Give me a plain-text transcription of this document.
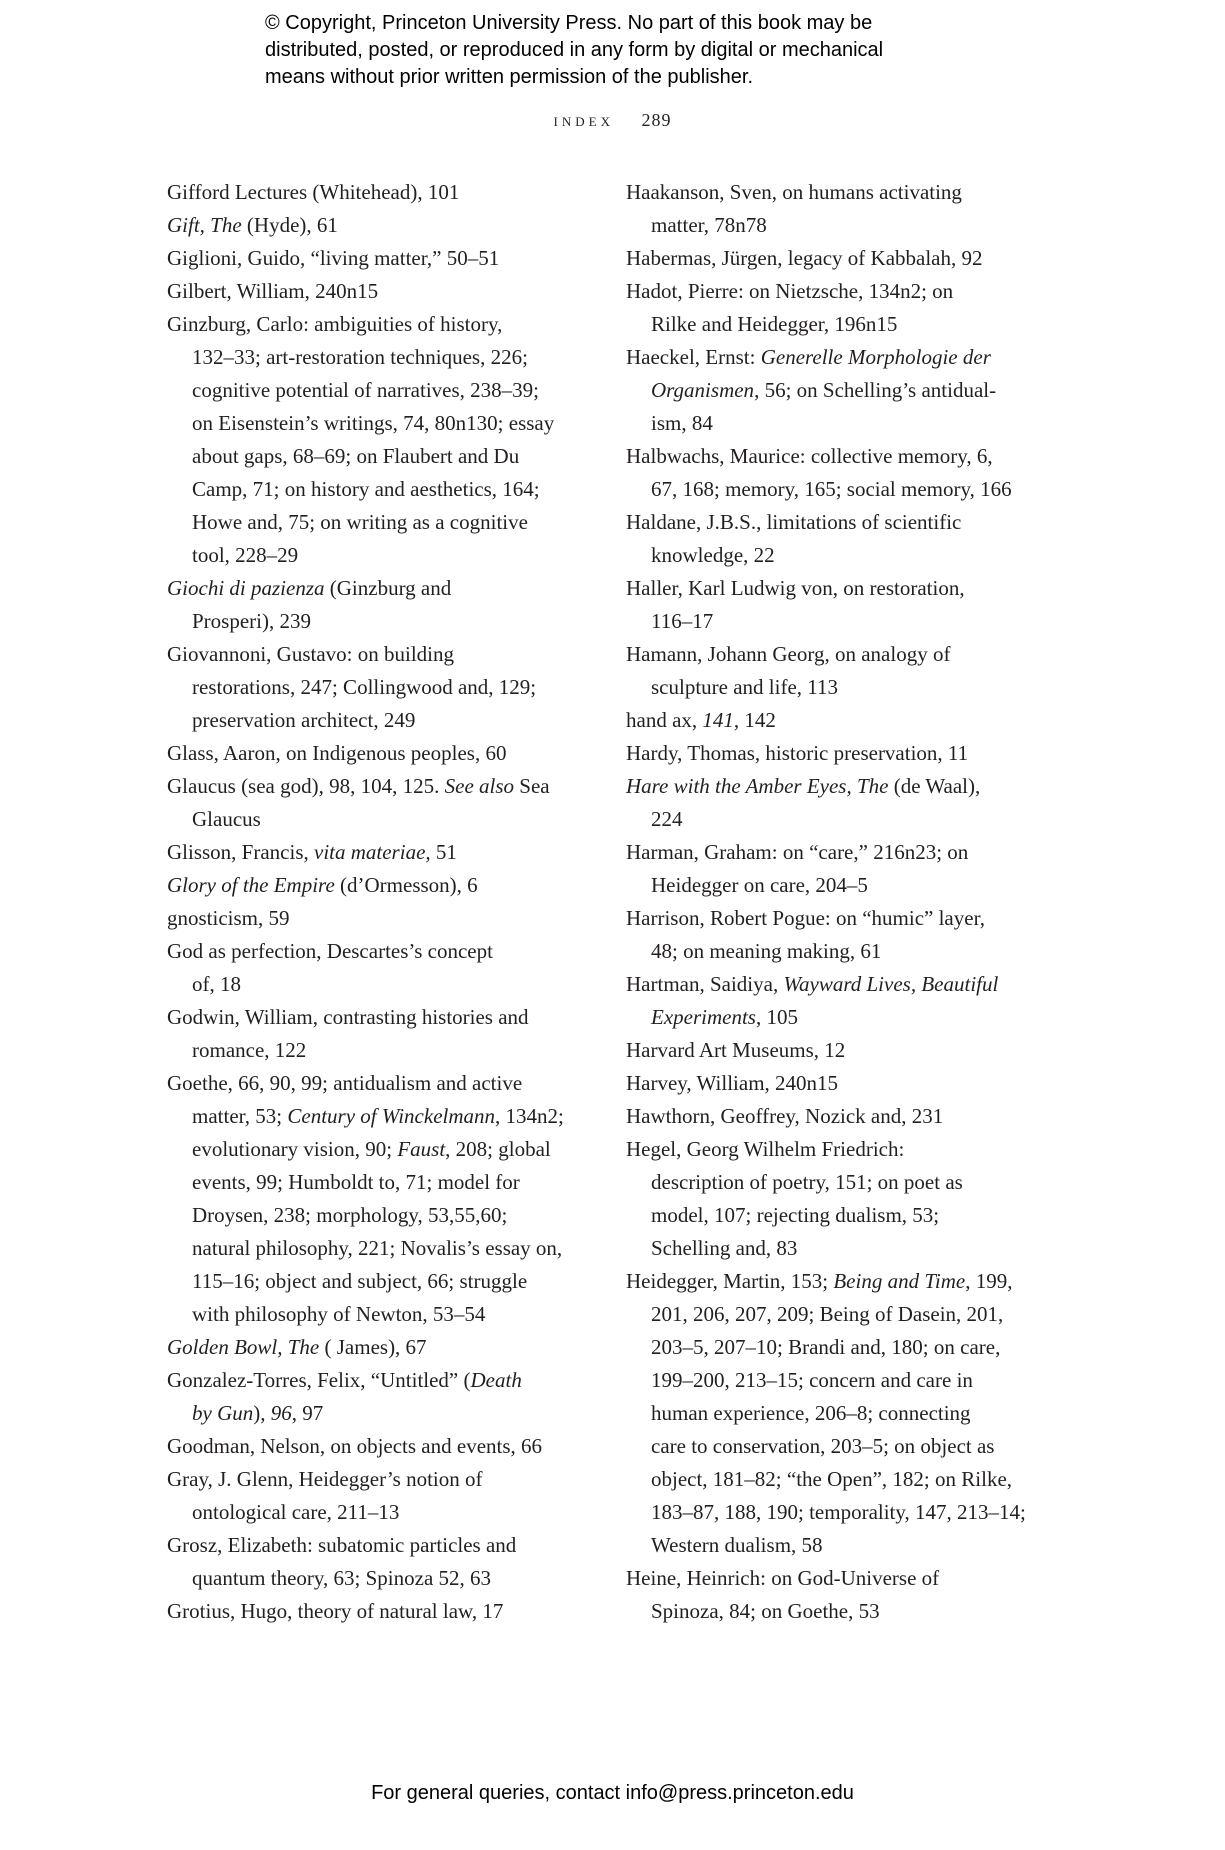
© Copyright, Princeton University Press. No part of this book may be
distributed, posted, or reproduced in any form by digital or mechanical
means without prior written permission of the publisher.
index 289
Gifford Lectures (Whitehead), 101
Gift, The (Hyde), 61
Giglioni, Guido, “living matter,” 50–51
Gilbert, William, 240n15
Ginzburg, Carlo: ambiguities of history,
132–33; art-restoration techniques, 226;
cognitive potential of narratives, 238–39;
on Eisenstein’s writings, 74, 80n130; essay
about gaps, 68–69; on Flaubert and Du
Camp, 71; on history and aesthetics, 164;
Howe and, 75; on writing as a cognitive
tool, 228–29
Giochi di pazienza (Ginzburg and
Prosperi), 239
Giovannoni, Gustavo: on building
restorations, 247; Collingwood and, 129;
preservation architect, 249
Glass, Aaron, on Indigenous peoples, 60
Glaucus (sea god), 98, 104, 125. See also Sea
Glaucus
Glisson, Francis, vita materiae, 51
Glory of the Empire (d’Ormesson), 6
gnosticism, 59
God as perfection, Descartes’s concept
of, 18
Godwin, William, contrasting histories and
romance, 122
Goethe, 66, 90, 99; antidualism and active
matter, 53; Century of Winckelmann, 134n2;
evolutionary vision, 90; Faust, 208; global
events, 99; Humboldt to, 71; model for
Droysen, 238; morphology, 53,55,60;
natural philosophy, 221; Novalis’s essay on,
115–16; object and subject, 66; struggle
with philosophy of Newton, 53–54
Golden Bowl, The ( James), 67
Gonzalez-Torres, Felix, “Untitled” (Death
by Gun), 96, 97
Goodman, Nelson, on objects and events, 66
Gray, J. Glenn, Heidegger’s notion of
ontological care, 211–13
Grosz, Elizabeth: subatomic particles and
quantum theory, 63; Spinoza 52, 63
Grotius, Hugo, theory of natural law, 17
Haakanson, Sven, on humans activating
matter, 78n78
Habermas, Jürgen, legacy of Kabbalah, 92
Hadot, Pierre: on Nietzsche, 134n2; on
Rilke and Heidegger, 196n15
Haeckel, Ernst: Generelle Morphologie der
Organismen, 56; on Schelling’s antidual-
ism, 84
Halbwachs, Maurice: collective memory, 6,
67, 168; memory, 165; social memory, 166
Haldane, J.B.S., limitations of scientific
knowledge, 22
Haller, Karl Ludwig von, on restoration,
116–17
Hamann, Johann Georg, on analogy of
sculpture and life, 113
hand ax, 141, 142
Hardy, Thomas, historic preservation, 11
Hare with the Amber Eyes, The (de Waal),
224
Harman, Graham: on “care,” 216n23; on
Heidegger on care, 204–5
Harrison, Robert Pogue: on “humic” layer,
48; on meaning making, 61
Hartman, Saidiya, Wayward Lives, Beautiful
Experiments, 105
Harvard Art Museums, 12
Harvey, William, 240n15
Hawthorn, Geoffrey, Nozick and, 231
Hegel, Georg Wilhelm Friedrich:
description of poetry, 151; on poet as
model, 107; rejecting dualism, 53;
Schelling and, 83
Heidegger, Martin, 153; Being and Time, 199,
201, 206, 207, 209; Being of Dasein, 201,
203–5, 207–10; Brandi and, 180; on care,
199–200, 213–15; concern and care in
human experience, 206–8; connecting
care to conservation, 203–5; on object as
object, 181–82; “the Open”, 182; on Rilke,
183–87, 188, 190; temporality, 147, 213–14;
Western dualism, 58
Heine, Heinrich: on God-Universe of
Spinoza, 84; on Goethe, 53
For general queries, contact info@press.princeton.edu
